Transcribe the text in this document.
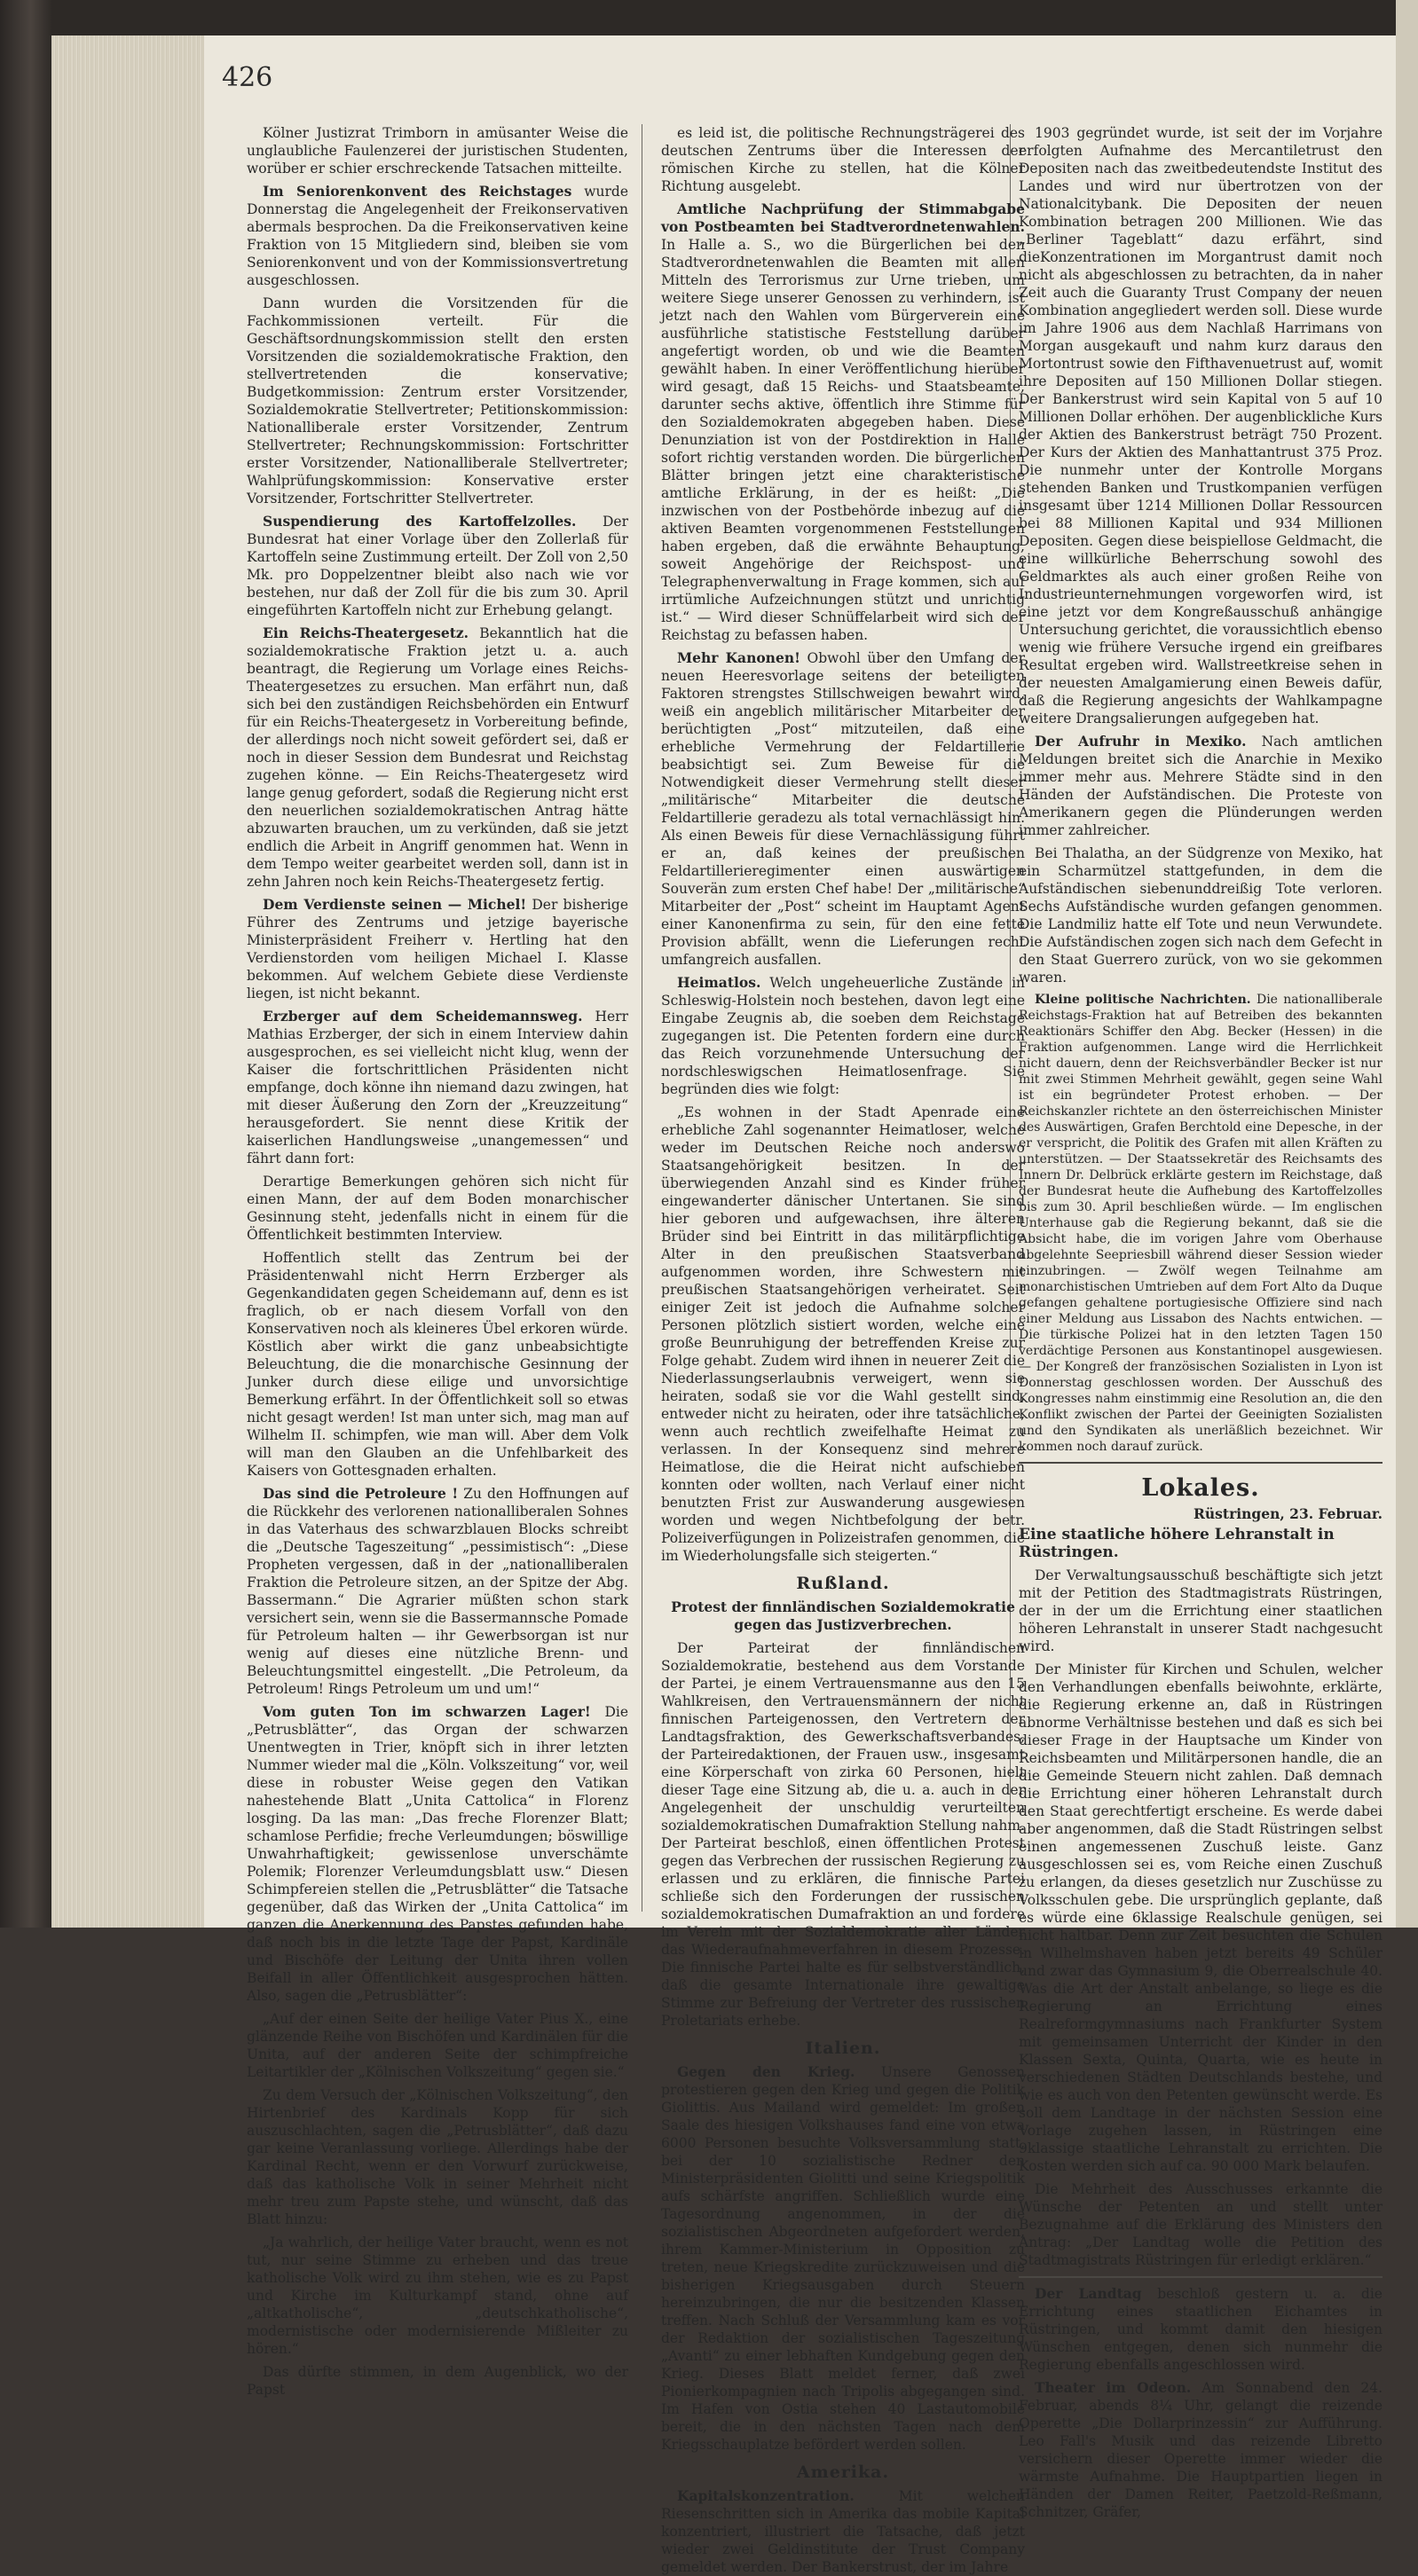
426

Kölner Justizrat Trimborn in amüsanter Weise die unglaubliche Faulenzerei der juristischen Studenten, worüber er schier erschreckende Tatsachen mitteilte.

Im Seniorenkonvent des Reichstages wurde Donnerstag die Angelegenheit der Freikonservativen abermals besprochen. Da die Freikonservativen keine Fraktion von 15 Mitgliedern sind, bleiben sie vom Seniorenkonvent und von der Kommissionsvertretung ausgeschlossen.

Dann wurden die Vorsitzenden für die Fachkommissionen verteilt. Für die Geschäftsordnungskommission stellt den ersten Vorsitzenden die sozialdemokratische Fraktion, den stellvertretenden die konservative; Budgetkommission: Zentrum erster Vorsitzender, Sozialdemokratie Stellvertreter; Petitionskommission: Nationalliberale erster Vorsitzender, Zentrum Stellvertreter; Rechnungskommission: Fortschritter erster Vorsitzender, Nationalliberale Stellvertreter; Wahlprüfungskommission: Konservative erster Vorsitzender, Fortschritter Stellvertreter.

Suspendierung des Kartoffelzolles. Der Bundesrat hat einer Vorlage über den Zollerlaß für Kartoffeln seine Zustimmung erteilt. Der Zoll von 2,50 Mk. pro Doppelzentner bleibt also nach wie vor bestehen, nur daß der Zoll für die bis zum 30. April eingeführten Kartoffeln nicht zur Erhebung gelangt.

Ein Reichs-Theatergesetz. Bekanntlich hat die sozialdemokratische Fraktion jetzt u. a. auch beantragt, die Regierung um Vorlage eines Reichs-Theatergesetzes zu ersuchen. Man erfährt nun, daß sich bei den zuständigen Reichsbehörden ein Entwurf für ein Reichs-Theatergesetz in Vorbereitung befinde, der allerdings noch nicht soweit gefördert sei, daß er noch in dieser Session dem Bundesrat und Reichstag zugehen könne. — Ein Reichs-Theatergesetz wird lange genug gefordert, sodaß die Regierung nicht erst den neuerlichen sozialdemokratischen Antrag hätte abzuwarten brauchen, um zu verkünden, daß sie jetzt endlich die Arbeit in Angriff genommen hat. Wenn in dem Tempo weiter gearbeitet werden soll, dann ist in zehn Jahren noch kein Reichs-Theatergesetz fertig.

Dem Verdienste seinen — Michel! Der bisherige Führer des Zentrums und jetzige bayerische Ministerpräsident Freiherr v. Hertling hat den Verdienstorden vom heiligen Michael I. Klasse bekommen. Auf welchem Gebiete diese Verdienste liegen, ist nicht bekannt.

Erzberger auf dem Scheidemannsweg. Herr Mathias Erzberger, der sich in einem Interview dahin ausgesprochen, es sei vielleicht nicht klug, wenn der Kaiser die fortschrittlichen Präsidenten nicht empfange, doch könne ihn niemand dazu zwingen, hat mit dieser Äußerung den Zorn der „Kreuzzeitung“ herausgefordert. Sie nennt diese Kritik der kaiserlichen Handlungsweise „unangemessen“ und fährt dann fort:

Derartige Bemerkungen gehören sich nicht für einen Mann, der auf dem Boden monarchischer Gesinnung steht, jedenfalls nicht in einem für die Öffentlichkeit bestimmten Interview.

Hoffentlich stellt das Zentrum bei der Präsidentenwahl nicht Herrn Erzberger als Gegenkandidaten gegen Scheidemann auf, denn es ist fraglich, ob er nach diesem Vorfall von den Konservativen noch als kleineres Übel erkoren würde. Köstlich aber wirkt die ganz unbeabsichtigte Beleuchtung, die die monarchische Gesinnung der Junker durch diese eilige und unvorsichtige Bemerkung erfährt. In der Öffentlichkeit soll so etwas nicht gesagt werden! Ist man unter sich, mag man auf Wilhelm II. schimpfen, wie man will. Aber dem Volk will man den Glauben an die Unfehlbarkeit des Kaisers von Gottesgnaden erhalten.

Das sind die Petroleure ! Zu den Hoffnungen auf die Rückkehr des verlorenen nationalliberalen Sohnes in das Vaterhaus des schwarzblauen Blocks schreibt die „Deutsche Tageszeitung“ „pessimistisch“: „Diese Propheten vergessen, daß in der „nationalliberalen Fraktion die Petroleure sitzen, an der Spitze der Abg. Bassermann.“ Die Agrarier müßten schon stark versichert sein, wenn sie die Bassermannsche Pomade für Petroleum halten — ihr Gewerbsorgan ist nur wenig auf dieses eine nützliche Brenn- und Beleuchtungsmittel eingestellt. „Die Petroleum, da Petroleum! Rings Petroleum um und um!“

Vom guten Ton im schwarzen Lager! Die „Petrusblätter“, das Organ der schwarzen Unentwegten in Trier, knöpft sich in ihrer letzten Nummer wieder mal die „Köln. Volkszeitung“ vor, weil diese in robuster Weise gegen den Vatikan nahestehende Blatt „Unita Cattolica“ in Florenz losging. Da las man: „Das freche Florenzer Blatt; schamlose Perfidie; freche Verleumdungen; böswillige Unwahrhaftigkeit; gewissenlose unverschämte Polemik; Florenzer Verleumdungsblatt usw.“ Diesen Schimpfereien stellen die „Petrusblätter“ die Tatsache gegenüber, daß das Wirken der „Unita Cattolica“ im ganzen die Anerkennung des Papstes gefunden habe, daß noch bis in die letzte Tage der Papst, Kardinäle und Bischöfe der Leitung der Unita ihren vollen Beifall in aller Öffentlichkeit ausgesprochen hätten. Also, sagen die „Petrusblätter“:

„Auf der einen Seite der heilige Vater Pius X., eine glänzende Reihe von Bischöfen und Kardinälen für die Unita, auf der anderen Seite der schimpfreiche Leitartikler der „Kölnischen Volkszeitung“ gegen sie.“

Zu dem Versuch der „Kölnischen Volkszeitung“, den Hirtenbrief des Kardinals Kopp für sich auszuschlachten, sagen die „Petrusblätter“, daß dazu gar keine Veranlassung vorliege. Allerdings habe der Kardinal Recht, wenn er den Vorwurf zurückweise, daß das katholische Volk in seiner Mehrheit nicht mehr treu zum Papste stehe, und wünscht, daß das Blatt hinzu:

„Ja wahrlich, der heilige Vater braucht, wenn es not tut, nur seine Stimme zu erheben und das treue katholische Volk wird zu ihm stehen, wie es zu Papst und Kirche im Kulturkampf stand, ohne auf „altkatholische“, „deutschkatholische“, modernistische oder modernisierende Mißleiter zu hören.“

Das dürfte stimmen, in dem Augenblick, wo der Papst

es leid ist, die politische Rechnungsträgerei des deutschen Zentrums über die Interessen der römischen Kirche zu stellen, hat die Kölner Richtung ausgelebt.

Amtliche Nachprüfung der Stimmabgabe von Postbeamten bei Stadtverordnetenwahlen. In Halle a. S., wo die Bürgerlichen bei den Stadtverordnetenwahlen die Beamten mit allen Mitteln des Terrorismus zur Urne trieben, um weitere Siege unserer Genossen zu verhindern, ist jetzt nach den Wahlen vom Bürgerverein eine ausführliche statistische Feststellung darüber angefertigt worden, ob und wie die Beamten gewählt haben. In einer Veröffentlichung hierüber wird gesagt, daß 15 Reichs- und Staatsbeamte, darunter sechs aktive, öffentlich ihre Stimme für den Sozialdemokraten abgegeben haben. Diese Denunziation ist von der Postdirektion in Halle sofort richtig verstanden worden. Die bürgerlichen Blätter bringen jetzt eine charakteristische amtliche Erklärung, in der es heißt: „Die inzwischen von der Postbehörde inbezug auf die aktiven Beamten vorgenommenen Feststellungen haben ergeben, daß die erwähnte Behauptung, soweit Angehörige der Reichspost- und Telegraphenverwaltung in Frage kommen, sich auf irrtümliche Aufzeichnungen stützt und unrichtig ist.“ — Wird dieser Schnüffelarbeit wird sich der Reichstag zu befassen haben.

Mehr Kanonen! Obwohl über den Umfang der neuen Heeresvorlage seitens der beteiligten Faktoren strengstes Stillschweigen bewahrt wird, weiß ein angeblich militärischer Mitarbeiter der berüchtigten „Post“ mitzuteilen, daß eine erhebliche Vermehrung der Feldartillerie beabsichtigt sei. Zum Beweise für die Notwendigkeit dieser Vermehrung stellt dieser „militärische“ Mitarbeiter die deutsche Feldartillerie geradezu als total vernachlässigt hin. Als einen Beweis für diese Vernachlässigung führt er an, daß keines der preußischen Feldartillerieregimenter einen auswärtigen Souverän zum ersten Chef habe! Der „militärische“ Mitarbeiter der „Post“ scheint im Hauptamt Agent einer Kanonenfirma zu sein, für den eine fette Provision abfällt, wenn die Lieferungen recht umfangreich ausfallen.

Heimatlos. Welch ungeheuerliche Zustände in Schleswig-Holstein noch bestehen, davon legt eine Eingabe Zeugnis ab, die soeben dem Reichstage zugegangen ist. Die Petenten fordern eine durch das Reich vorzunehmende Untersuchung der nordschleswigschen Heimatlosenfrage. Sie begründen dies wie folgt:

„Es wohnen in der Stadt Apenrade eine erhebliche Zahl sogenannter Heimatloser, welche weder im Deutschen Reiche noch anderswo Staatsangehörigkeit besitzen. In der überwiegenden Anzahl sind es Kinder früher eingewanderter dänischer Untertanen. Sie sind hier geboren und aufgewachsen, ihre älteren Brüder sind bei Eintritt in das militärpflichtige Alter in den preußischen Staatsverband aufgenommen worden, ihre Schwestern mit preußischen Staatsangehörigen verheiratet. Seit einiger Zeit ist jedoch die Aufnahme solcher Personen plötzlich sistiert worden, welche eine große Beunruhigung der betreffenden Kreise zur Folge gehabt. Zudem wird ihnen in neuerer Zeit die Niederlassungserlaubnis verweigert, wenn sie heiraten, sodaß sie vor die Wahl gestellt sind, entweder nicht zu heiraten, oder ihre tatsächliche, wenn auch rechtlich zweifelhafte Heimat zu verlassen. In der Konsequenz sind mehrere Heimatlose, die die Heirat nicht aufschieben konnten oder wollten, nach Verlauf einer nicht benutzten Frist zur Auswanderung ausgewiesen worden und wegen Nichtbefolgung der betr. Polizeiverfügungen in Polizeistrafen genommen, die im Wiederholungsfalle sich steigerten.“

Rußland.

Protest der finnländischen Sozialdemokratie gegen das Justizverbrechen.

Der Parteirat der finnländischen Sozialdemokratie, bestehend aus dem Vorstande der Partei, je einem Vertrauensmanne aus den 15 Wahlkreisen, den Vertrauensmännern der nicht finnischen Parteigenossen, den Vertretern der Landtagsfraktion, des Gewerkschaftsverbandes, der Parteiredaktionen, der Frauen usw., insgesamt eine Körperschaft von zirka 60 Personen, hielt dieser Tage eine Sitzung ab, die u. a. auch in der Angelegenheit der unschuldig verurteilten sozialdemokratischen Dumafraktion Stellung nahm. Der Parteirat beschloß, einen öffentlichen Protest gegen das Verbrechen der russischen Regierung zu erlassen und zu erklären, die finnische Partei schließe sich den Forderungen der russischen sozialdemokratischen Dumafraktion an und fordere im Verein mit der Sozialdemokratie aller Länder das Wiederaufnahmeverfahren in diesem Prozesse. Die finnische Partei halte es für selbstverständlich, daß die gesamte Internationale ihre gewaltige Stimme zur Befreiung der Vertreter des russischen Proletariats erhebe.

Italien.

Gegen den Krieg. Unsere Genossen protestieren gegen den Krieg und gegen die Politik Giolittis. Aus Mailand wird gemeldet: Im großen Saale des hiesigen Volkshauses fand eine von etwa 6000 Personen besuchte Volksversammlung statt, bei der 10 sozialistische Redner den Ministerpräsidenten Giolitti und seine Kriegspolitik aufs schärfste angriffen. Schließlich wurde eine Tagesordnung angenommen, in der die sozialistischen Abgeordneten aufgefordert werden, ihrem Kammer-Ministerium in Opposition zu treten, neue Kriegskredite zurückzuweisen und die bisherigen Kriegsausgaben durch Steuern hereinzubringen, die nur die besitzenden Klassen treffen. Nach Schluß der Versammlung kam es vor der Redaktion der sozialistischen Tageszeitung „Avanti“ zu einer lebhaften Kundgebung gegen den Krieg. Dieses Blatt meldet ferner, daß zwei Pionierkompagnien nach Tripolis abgegangen sind. Im Hafen von Ostia stehen 40 Lastautomobile bereit, die in den nächsten Tagen nach dem Kriegsschauplatze befördert werden sollen.

Amerika.

Kapitalskonzentration.	Mit welchen Riesenschritten sich in Amerika das mobile Kapital konzentriert, illustriert die Tatsache, daß jetzt wieder zwei Geldinstitute der Trust Company gemeldet werden. Der Bankerstrust, der im Jahre

1903 gegründet wurde, ist seit der im Vorjahre erfolgten Aufnahme des Mercantiletrust den Depositen nach das zweitbedeutendste Institut des Landes und wird nur übertrotzen von der Nationalcitybank. Die Depositen der neuen Kombination betragen 200 Millionen. Wie das „Berliner Tageblatt“ dazu erfährt, sind dieKonzentrationen im Morgantrust damit noch nicht als abgeschlossen zu betrachten, da in naher Zeit auch die Guaranty Trust Company der neuen Kombination angegliedert werden soll. Diese wurde im Jahre 1906 aus dem Nachlaß Harrimans von Morgan ausgekauft und nahm kurz daraus den Mortontrust sowie den Fifthavenuetrust auf, womit ihre Depositen auf 150 Millionen Dollar stiegen. Der Bankerstrust wird sein Kapital von 5 auf 10 Millionen Dollar erhöhen. Der augenblickliche Kurs der Aktien des Bankerstrust beträgt 750 Prozent. Der Kurs der Aktien des Manhattantrust 375 Proz. Die nunmehr unter der Kontrolle Morgans stehenden Banken und Trustkompanien verfügen insgesamt über 1214 Millionen Dollar Ressourcen bei 88 Millionen Kapital und 934 Millionen Depositen. Gegen diese beispiellose Geldmacht, die eine willkürliche Beherrschung sowohl des Geldmarktes als auch einer großen Reihe von Industrieunternehmungen vorgeworfen wird, ist eine jetzt vor dem Kongreßausschuß anhängige Untersuchung gerichtet, die voraussichtlich ebenso wenig wie frühere Versuche irgend ein greifbares Resultat ergeben wird. Wallstreetkreise sehen in der neuesten Amalgamierung einen Beweis dafür, daß die Regierung angesichts der Wahlkampagne weitere Drangsalierungen aufgegeben hat.

Der Aufruhr in Mexiko. Nach amtlichen Meldungen breitet sich die Anarchie in Mexiko immer mehr aus. Mehrere Städte sind in den Händen der Aufständischen. Die Proteste von Amerikanern gegen die Plünderungen werden immer zahlreicher.

Bei Thalatha, an der Südgrenze von Mexiko, hat ein Scharmützel stattgefunden, in dem die Aufständischen siebenunddreißig Tote verloren. Sechs Aufständische wurden gefangen genommen. Die Landmiliz hatte elf Tote und neun Verwundete. Die Aufständischen zogen sich nach dem Gefecht in den Staat Guerrero zurück, von wo sie gekommen waren.

Kleine politische Nachrichten. Die nationalliberale Reichstags-Fraktion hat auf Betreiben des bekannten Reaktionärs Schiffer den Abg. Becker (Hessen) in die Fraktion aufgenommen. Lange wird die Herrlichkeit nicht dauern, denn der Reichsverbändler Becker ist nur mit zwei Stimmen Mehrheit gewählt, gegen seine Wahl ist ein begründeter Protest erhoben. — Der Reichskanzler richtete an den österreichischen Minister des Auswärtigen, Grafen Berchtold eine Depesche, in der er verspricht, die Politik des Grafen mit allen Kräften zu unterstützen. — Der Staatssekretär des Reichsamts des Innern Dr. Delbrück erklärte gestern im Reichstage, daß der Bundesrat heute die Aufhebung des Kartoffelzolles bis zum 30. April beschließen würde. — Im englischen Unterhause gab die Regierung bekannt, daß sie die Absicht habe, die im vorigen Jahre vom Oberhause abgelehnte Seepriesbill während dieser Session wieder einzubringen. — Zwölf wegen Teilnahme am monarchistischen Umtrieben auf dem Fort Alto da Duque gefangen gehaltene portugiesische Offiziere sind nach einer Meldung aus Lissabon des Nachts entwichen. — Die türkische Polizei hat in den letzten Tagen 150 verdächtige Personen aus Konstantinopel ausgewiesen. — Der Kongreß der französischen Sozialisten in Lyon ist Donnerstag geschlossen worden. Der Ausschuß des Kongresses nahm einstimmig eine Resolution an, die den Konflikt zwischen der Partei der Geeinigten Sozialisten und den Syndikaten als unerläßlich bezeichnet. Wir kommen noch darauf zurück.

Lokales.
Rüstringen, 23. Februar.
Eine staatliche höhere Lehranstalt in Rüstringen.

Der Verwaltungsausschuß beschäftigte sich jetzt mit der Petition des Stadtmagistrats Rüstringen, der in der um die Errichtung einer staatlichen höheren Lehranstalt in unserer Stadt nachgesucht wird.

Der Minister für Kirchen und Schulen, welcher den Verhandlungen ebenfalls beiwohnte, erklärte, die Regierung erkenne an, daß in Rüstringen abnorme Verhältnisse bestehen und daß es sich bei dieser Frage in der Hauptsache um Kinder von Reichsbeamten und Militärpersonen handle, die an die Gemeinde Steuern nicht zahlen. Daß demnach die Errichtung einer höheren Lehranstalt durch den Staat gerechtfertigt erscheine. Es werde dabei aber angenommen, daß die Stadt Rüstringen selbst einen angemessenen Zuschuß leiste. Ganz ausgeschlossen sei es, vom Reiche einen Zuschuß zu erlangen, da dieses gesetzlich nur Zuschüsse zu Volksschulen gebe. Die ursprünglich geplante, daß es würde eine 6klassige Realschule genügen, sei nicht haltbar. Denn zur Zeit besuchten die Schulen in Wilhelmshaven haben jetzt bereits 49 Schüler und zwar das Gymnasium 9, die Oberrealschule 40. Was die Art der Anstalt anbelange, so liege es die Regierung an Errichtung eines Realreformgymnasiums nach Frankfurter System mit gemeinsamen Unterricht der Kinder in den Klassen Sexta, Quinta, Quarta, wie es heute in verschiedenen Städten Deutschlands bestehe, und wie es auch von den Petenten gewünscht werde. Es soll dem Landtage in der nächsten Session eine Vorlage zugehen lassen, in Rüstringen eine 9klassige staatliche Lehranstalt zu errichten. Die Kosten werden sich auf ca. 90 000 Mark belaufen.

Die Mehrheit des Ausschusses erkannte die Wünsche der Petenten an und stellt unter Bezugnahme auf die Erklärung des Ministers den Antrag: „Der Landtag wolle die Petition des Stadtmagistrats Rüstringen für erledigt erklären.“

Der Landtag beschloß gestern u. a. die Errichtung eines staatlichen Eichamtes in Rüstringen, und kommt damit den hiesigen Wünschen entgegen, denen sich nunmehr die Regierung ebenfalls angeschlossen wird.

Theater im Odeon. Am Sonnabend den 24. Februar, abends 8¼ Uhr, gelangt die reizende Operette „Die Dollarprinzessin“ zur Aufführung. Leo Fall's Musik und das reizende Libretto versichern dieser Operette immer wieder die wärmste Aufnahme. Die Hauptpartien liegen in Händen der Damen Reiter, Paetzold-Reßmann, Schnitzer, Gräfer,
